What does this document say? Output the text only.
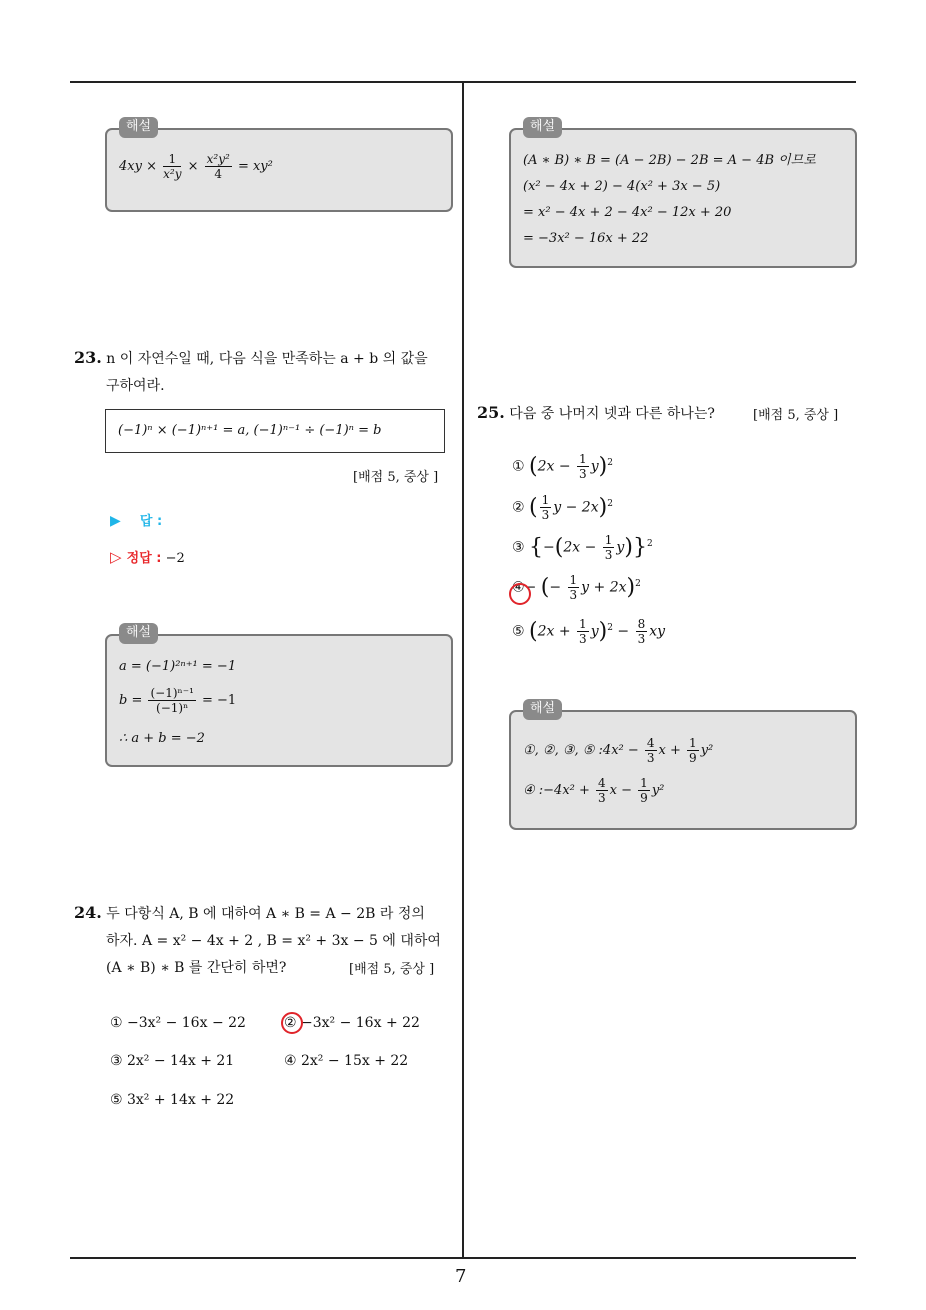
7
$4xy \times \frac{1}{\text{x²y}} \times \frac{\text{x²y²}}{4} = xy^2$
해설
23. n 이 자연수일 때, 다음 식을 만족하는 a + b 의 값을
구하여라.
(−1)ⁿ × (−1)ⁿ⁺¹ = a, (−1)ⁿ⁻¹ ÷ (−1)ⁿ = b
[배점 5, 중상 ]
▶ 답 :
▷ 정답 : −2
a = (−1)²ⁿ⁺¹ = −1
$b = \frac{\text{(−1)ⁿ⁻¹}}{\text{(−1)ⁿ}} = -1$
∴ a + b = −2
해설
24. 두 다항식 A, B 에 대하여 A ∗ B = A − 2B 라 정의
하자. A = x² − 4x + 2 , B = x² + 3x − 5 에 대하여
(A ∗ B) ∗ B 를 간단히 하면?	[배점 5, 중상 ]
① −3x² − 16x − 22	② −3x² − 16x + 22
③ 2x² − 14x + 21	④ 2x² − 15x + 22
⑤ 3x² + 14x + 22
(A ∗ B) ∗ B = (A − 2B) − 2B = A − 4B 이므로
(x² − 4x + 2) − 4(x² + 3x − 5)
= x² − 4x + 2 − 4x² − 12x + 20
= −3x² − 16x + 22
해설
25. 다음 중 나머지 넷과 다른 하나는?	[배점 5, 중상 ]
① $(2x - \frac{1}{3} y)^2$
② ( $\frac{1}{3}$ y − 2x)$^2$
③ $\{-(2x - \frac{1}{3} y)\}^2$
④− (− $\frac{1}{3}$ y + 2x)$^2$
⑤ $(2x + \frac{1}{3} y)^2 - \frac{8}{3}$ xy
①, ②, ③, ⑤ :4x² − $\frac{4}{3}$ $x + \frac{1}{9} y^2$
④ :−4x² + $\frac{4}{3}$ $x - \frac{1}{9} y^2$
해설
